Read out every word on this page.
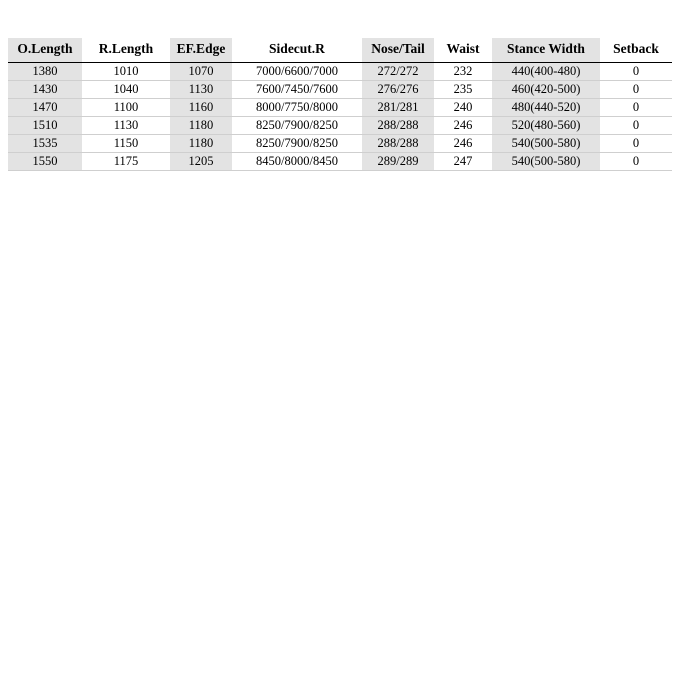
O.Length	R.Length	EF.Edge	Sidecut.R	Nose/Tail	Waist	Stance Width	Setback
1380	1010	1070	7000/6600/7000	272/272	232	440(400-480)	0
1430	1040	1130	7600/7450/7600	276/276	235	460(420-500)	0
1470	1100	1160	8000/7750/8000	281/281	240	480(440-520)	0
1510	1130	1180	8250/7900/8250	288/288	246	520(480-560)	0
1535	1150	1180	8250/7900/8250	288/288	246	540(500-580)	0
1550	1175	1205	8450/8000/8450	289/289	247	540(500-580)	0
